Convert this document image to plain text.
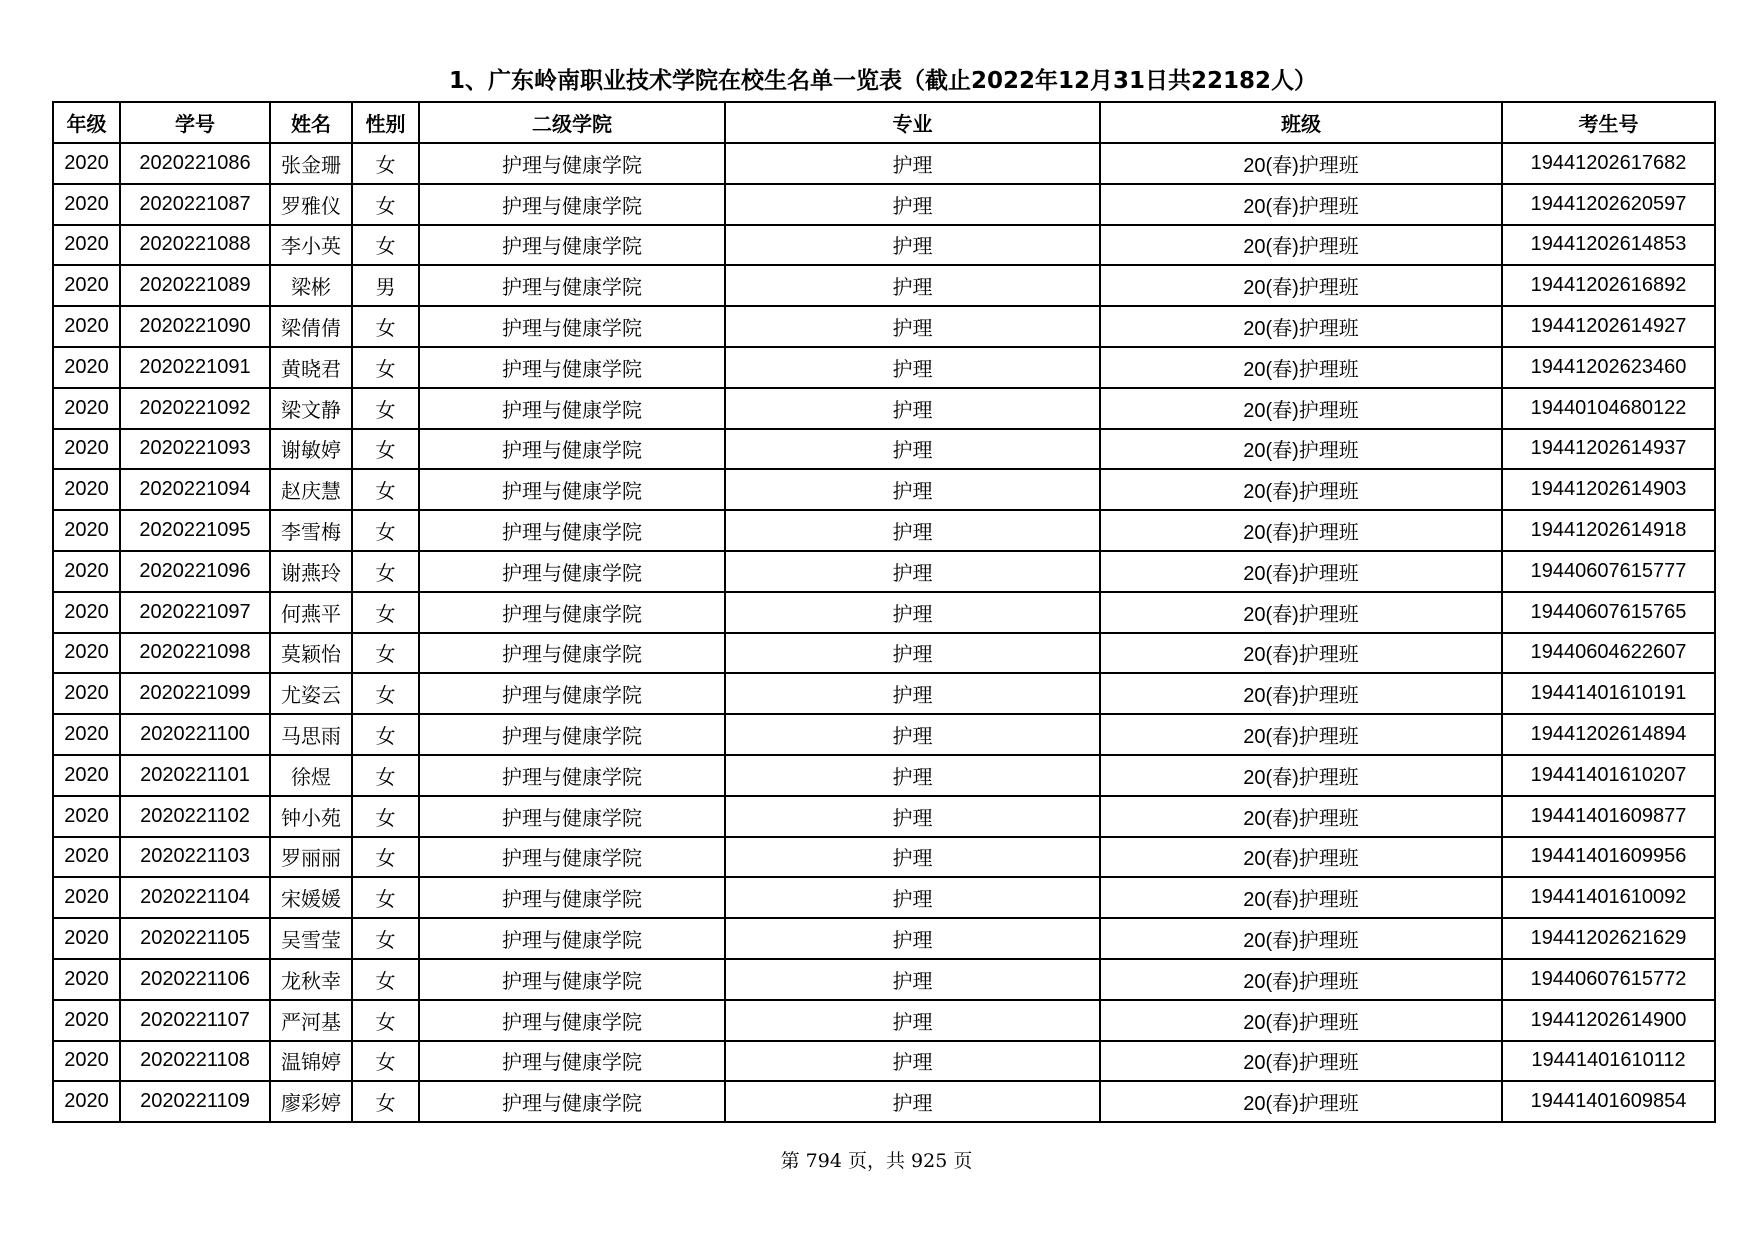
1、广东岭南职业技术学院在校生名单一览表（截止2022年12月31日共22182人）
年级	学号	姓名	性别	二级学院	专业	班级	考生号
2020	2020221086	张金珊	女	护理与健康学院	护理	20(春)护理班	19441202617682
2020	2020221087	罗雅仪	女	护理与健康学院	护理	20(春)护理班	19441202620597
2020	2020221088	李小英	女	护理与健康学院	护理	20(春)护理班	19441202614853
2020	2020221089	梁彬	男	护理与健康学院	护理	20(春)护理班	19441202616892
2020	2020221090	梁倩倩	女	护理与健康学院	护理	20(春)护理班	19441202614927
2020	2020221091	黄晓君	女	护理与健康学院	护理	20(春)护理班	19441202623460
2020	2020221092	梁文静	女	护理与健康学院	护理	20(春)护理班	19440104680122
2020	2020221093	谢敏婷	女	护理与健康学院	护理	20(春)护理班	19441202614937
2020	2020221094	赵庆慧	女	护理与健康学院	护理	20(春)护理班	19441202614903
2020	2020221095	李雪梅	女	护理与健康学院	护理	20(春)护理班	19441202614918
2020	2020221096	谢燕玲	女	护理与健康学院	护理	20(春)护理班	19440607615777
2020	2020221097	何燕平	女	护理与健康学院	护理	20(春)护理班	19440607615765
2020	2020221098	莫颖怡	女	护理与健康学院	护理	20(春)护理班	19440604622607
2020	2020221099	尤姿云	女	护理与健康学院	护理	20(春)护理班	19441401610191
2020	2020221100	马思雨	女	护理与健康学院	护理	20(春)护理班	19441202614894
2020	2020221101	徐煜	女	护理与健康学院	护理	20(春)护理班	19441401610207
2020	2020221102	钟小苑	女	护理与健康学院	护理	20(春)护理班	19441401609877
2020	2020221103	罗丽丽	女	护理与健康学院	护理	20(春)护理班	19441401609956
2020	2020221104	宋媛媛	女	护理与健康学院	护理	20(春)护理班	19441401610092
2020	2020221105	吴雪莹	女	护理与健康学院	护理	20(春)护理班	19441202621629
2020	2020221106	龙秋幸	女	护理与健康学院	护理	20(春)护理班	19440607615772
2020	2020221107	严河基	女	护理与健康学院	护理	20(春)护理班	19441202614900
2020	2020221108	温锦婷	女	护理与健康学院	护理	20(春)护理班	19441401610112
2020	2020221109	廖彩婷	女	护理与健康学院	护理	20(春)护理班	19441401609854
第 794 页，共 925 页
